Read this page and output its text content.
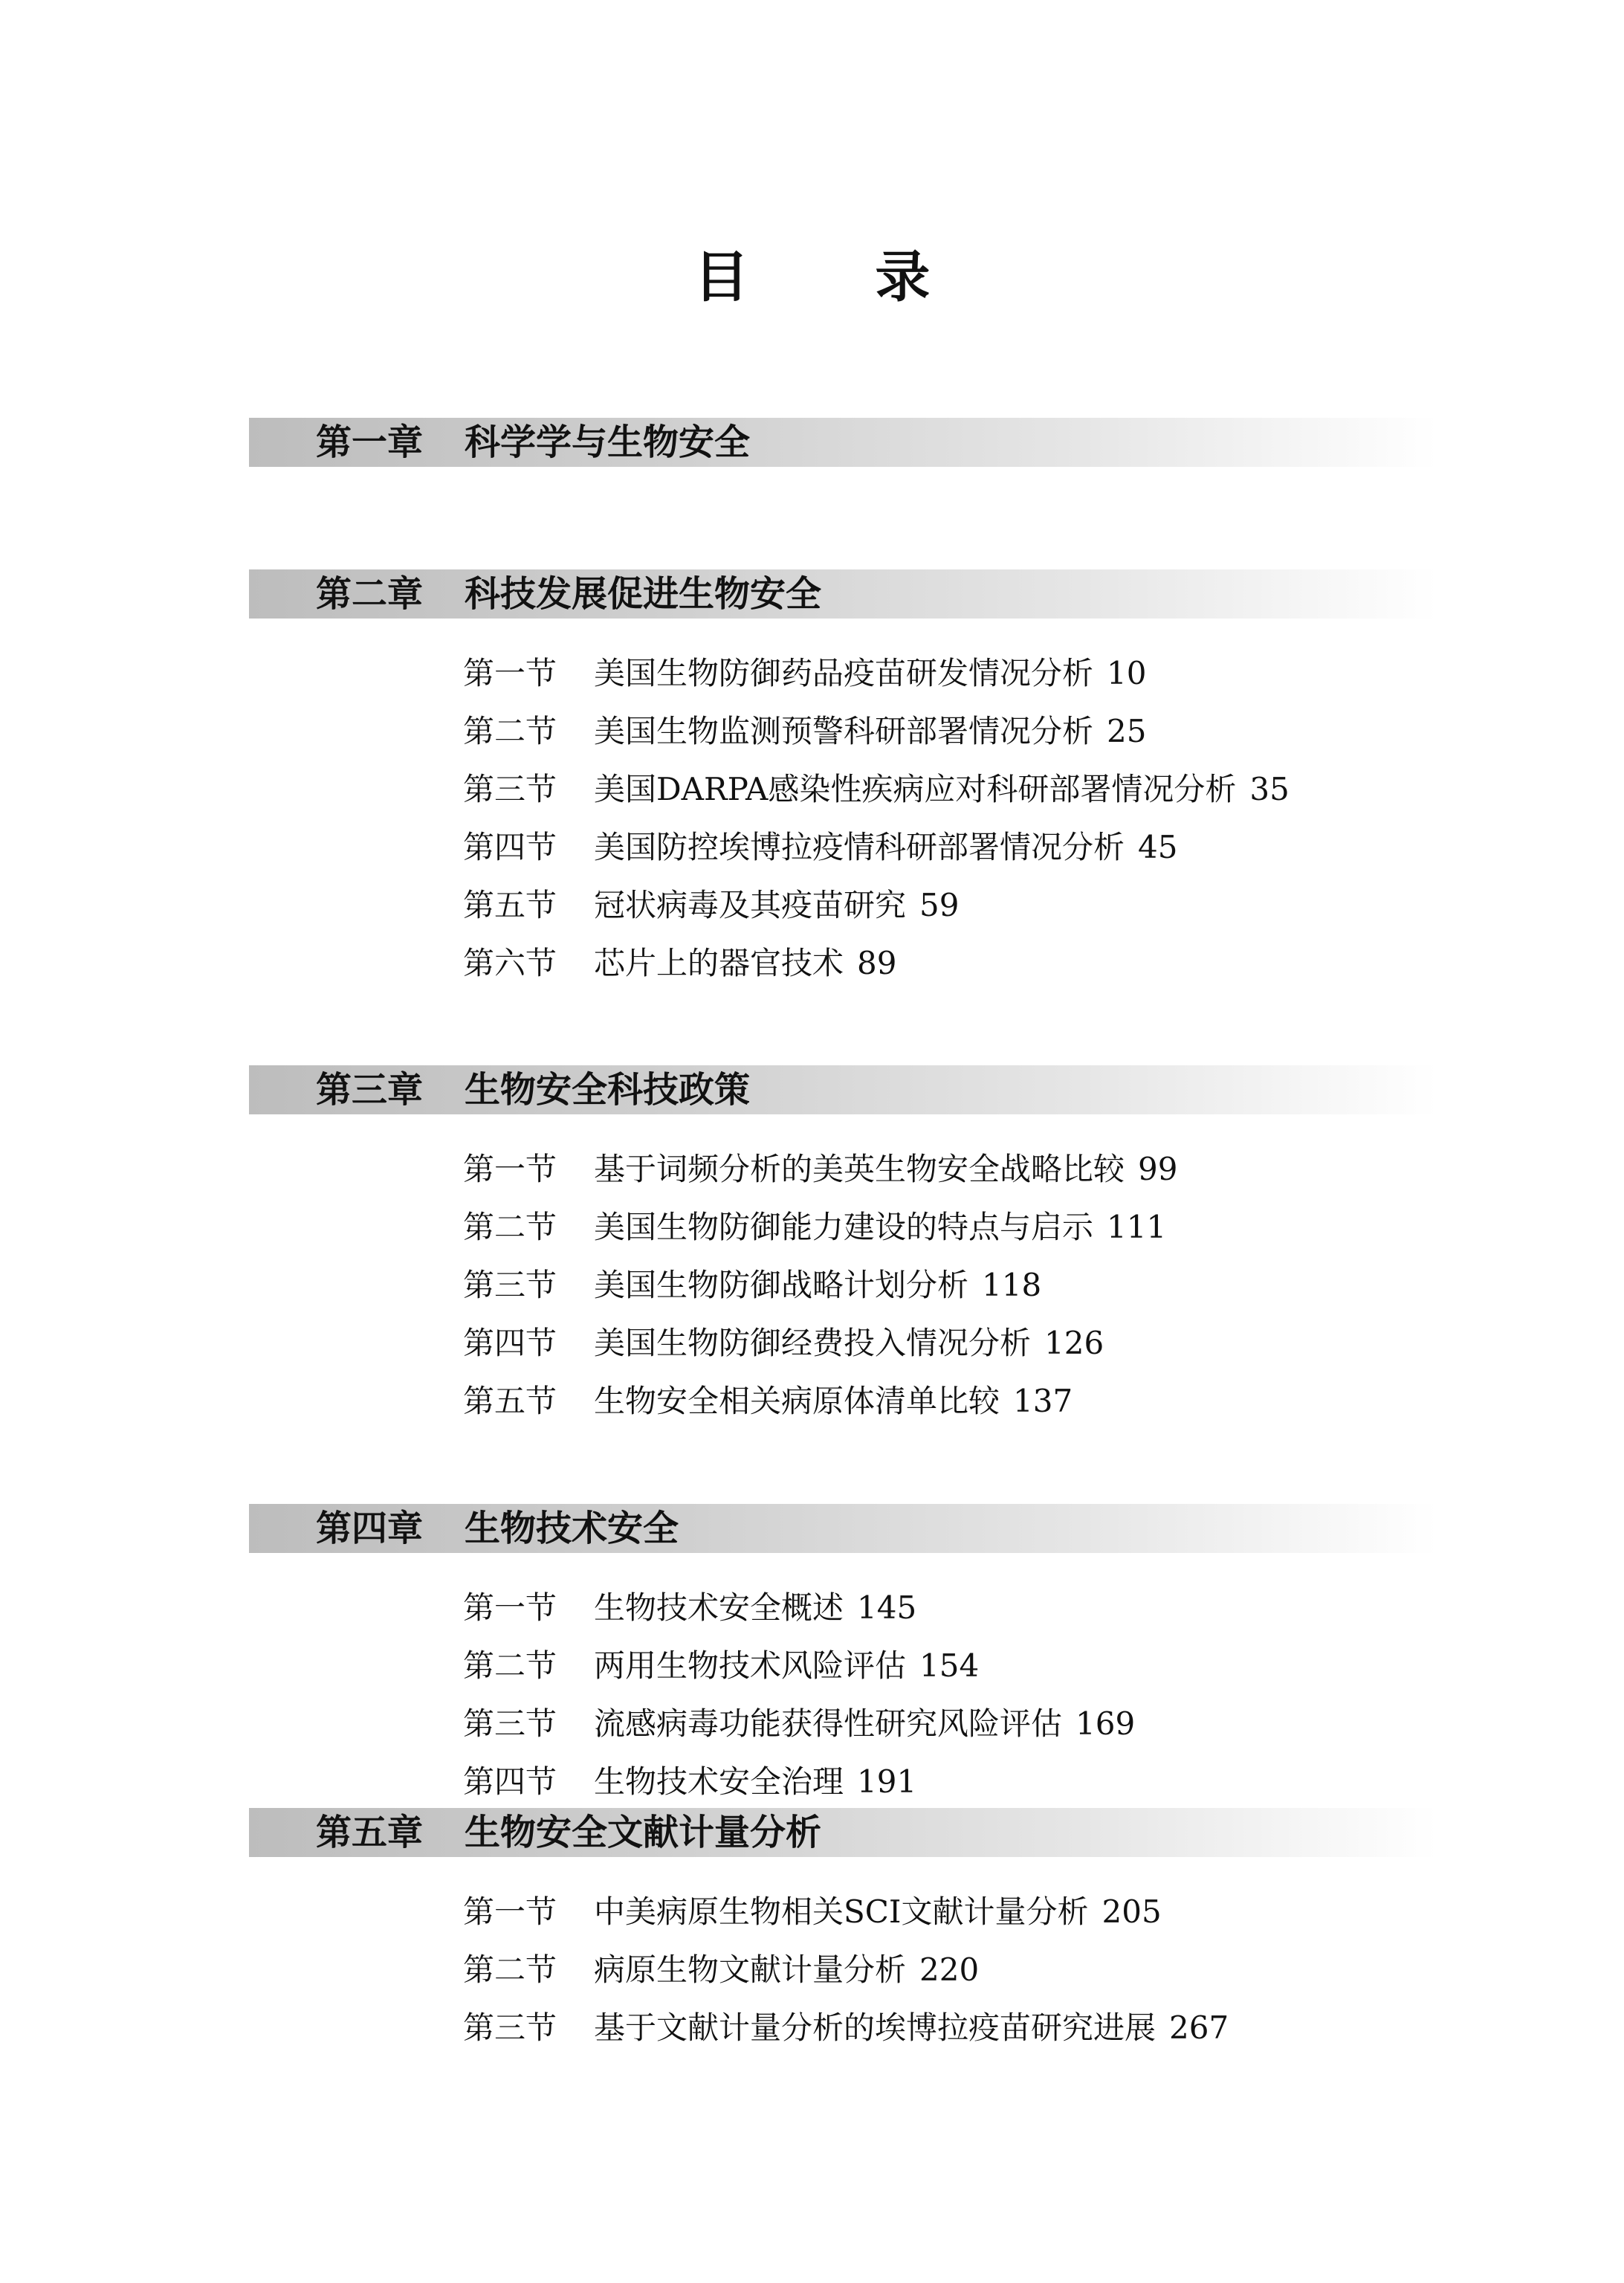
目 录
第一章	科学学与生物安全
第二章	科技发展促进生物安全
第一节 美国生物防御药品疫苗研发情况分析 10
第二节 美国生物监测预警科研部署情况分析 25
第三节 美国DARPA感染性疾病应对科研部署情况分析 35
第四节 美国防控埃博拉疫情科研部署情况分析 45
第五节 冠状病毒及其疫苗研究 59
第六节 芯片上的器官技术 89
第三章	生物安全科技政策
第一节 基于词频分析的美英生物安全战略比较 99
第二节 美国生物防御能力建设的特点与启示 111
第三节 美国生物防御战略计划分析 118
第四节 美国生物防御经费投入情况分析 126
第五节 生物安全相关病原体清单比较 137
第四章	生物技术安全
第一节 生物技术安全概述 145
第二节 两用生物技术风险评估 154
第三节 流感病毒功能获得性研究风险评估 169
第四节 生物技术安全治理 191
第五章	生物安全文献计量分析
第一节 中美病原生物相关SCI文献计量分析 205
第二节 病原生物文献计量分析 220
第三节 基于文献计量分析的埃博拉疫苗研究进展 267
